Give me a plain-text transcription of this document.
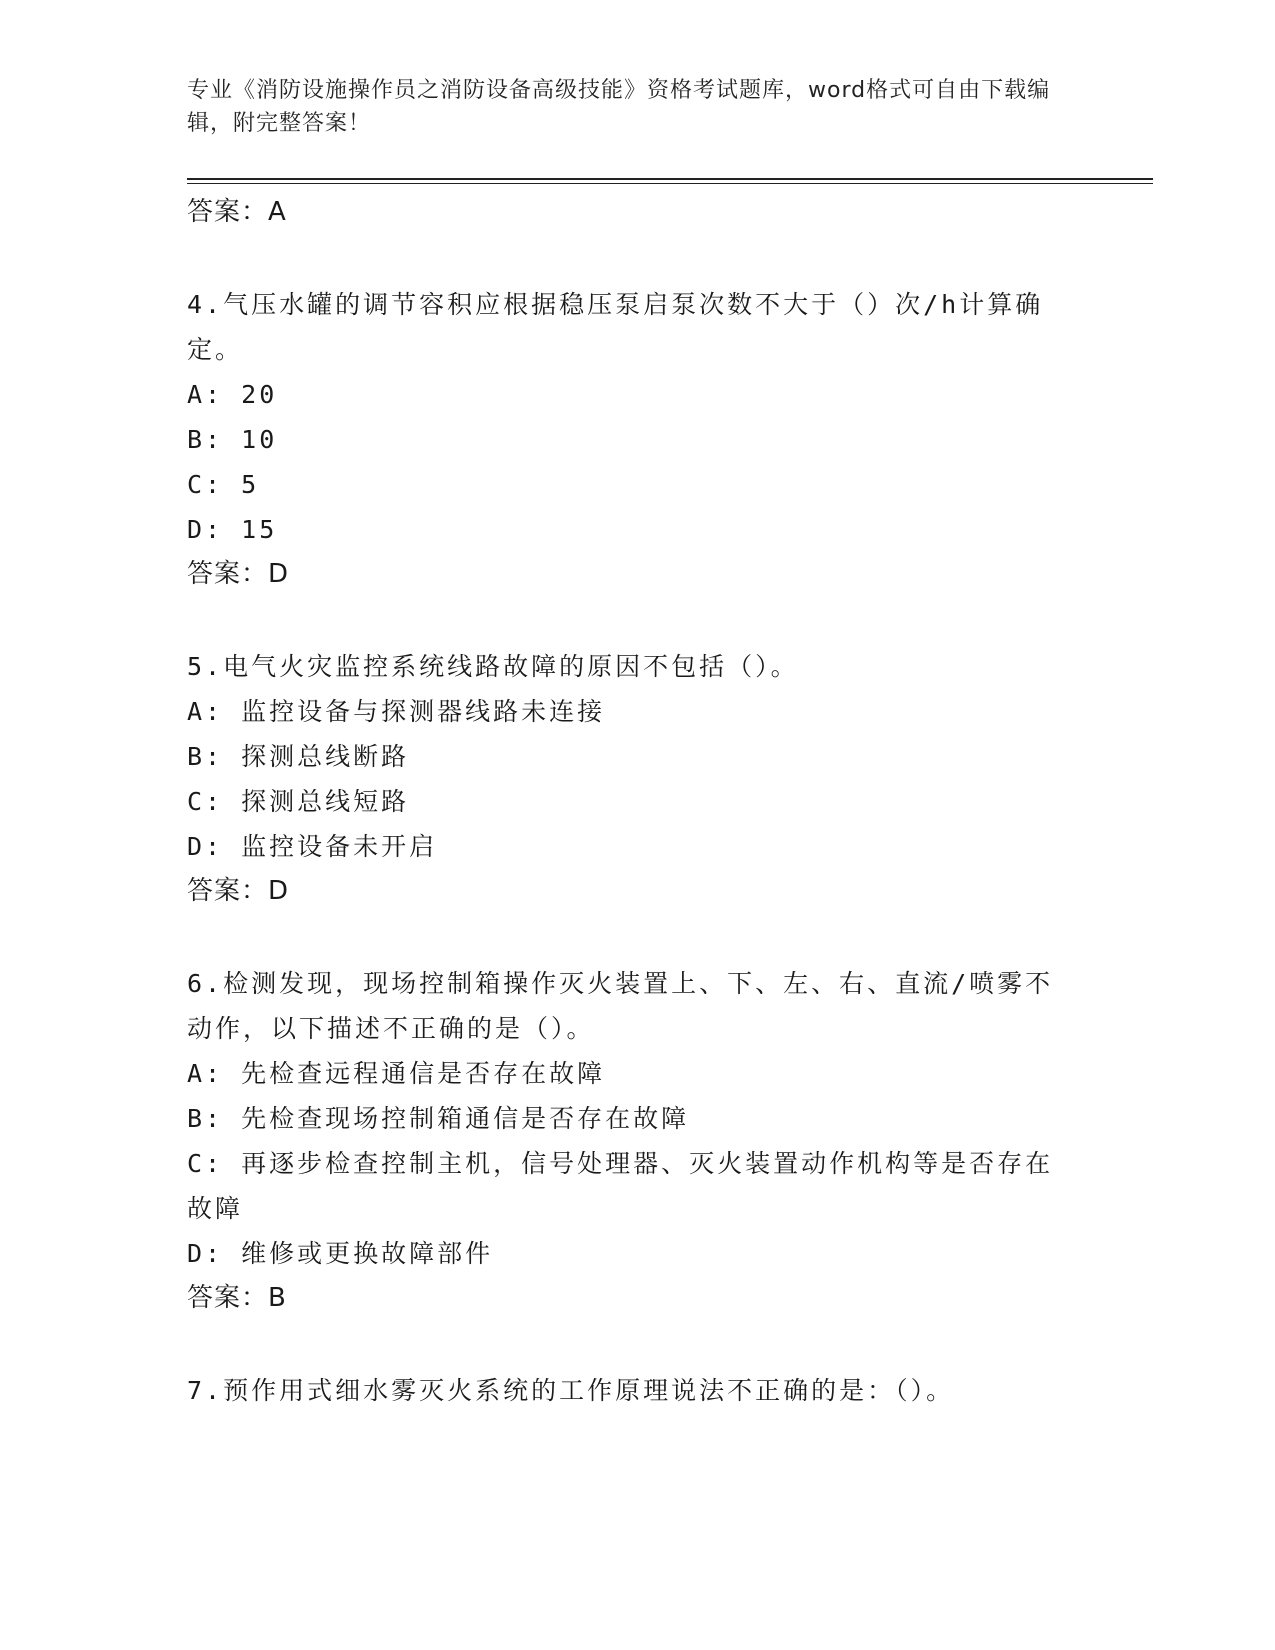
专业《消防设施操作员之消防设备高级技能》资格考试题库，word格式可自由下载编辑，附完整答案！

答案：A

4.气压水罐的调节容积应根据稳压泵启泵次数不大于（）次/h计算确定。

A: 20

B: 10

C: 5

D: 15

答案：D

5.电气火灾监控系统线路故障的原因不包括（）。

A: 监控设备与探测器线路未连接

B: 探测总线断路

C: 探测总线短路

D: 监控设备未开启

答案：D

6.检测发现，现场控制箱操作灭火装置上、下、左、右、直流/喷雾不动作，以下描述不正确的是（）。

A: 先检查远程通信是否存在故障

B: 先检查现场控制箱通信是否存在故障

C: 再逐步检查控制主机，信号处理器、灭火装置动作机构等是否存在故障

D: 维修或更换故障部件

答案：B

7.预作用式细水雾灭火系统的工作原理说法不正确的是：（）。
